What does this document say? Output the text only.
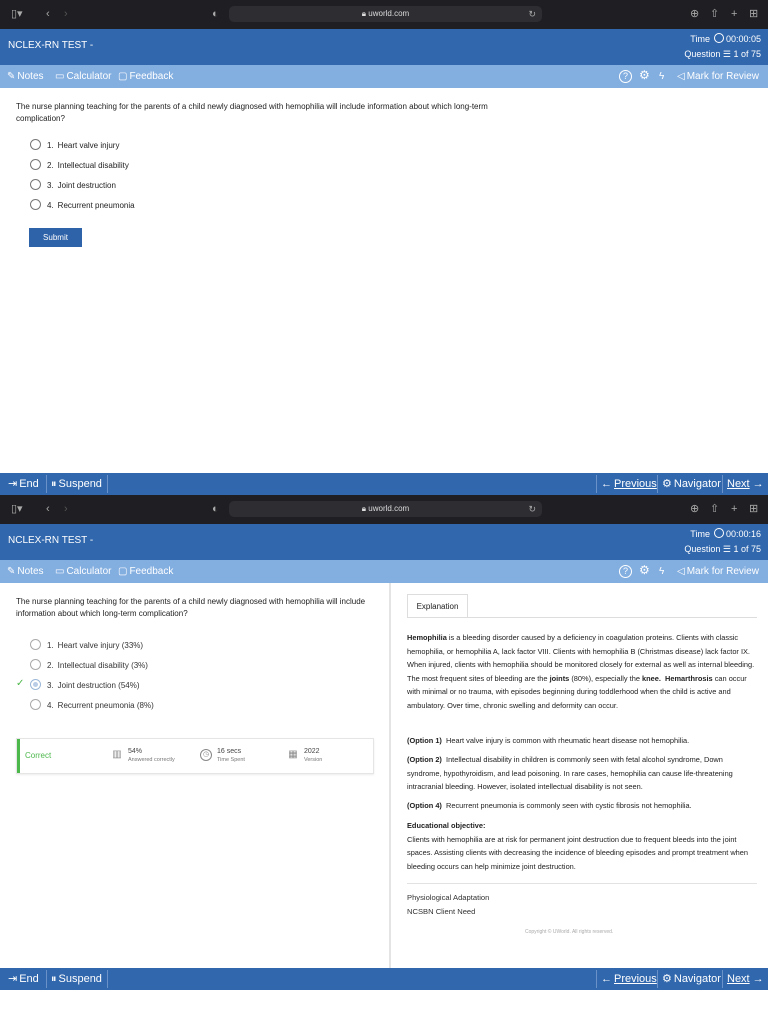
▯▾ ‹ ›	◐	🔒︎ uworld.com	↻	⊕ ⇧ + ⊞
NCLEX-RN TEST -
Time 00:00:05
Question ☰ 1 of 75
✎ Notes ▭ Calculator ▢ Feedback	? ⚙ ϟ ◁ Mark for Review
The nurse planning teaching for the parents of a child newly diagnosed with hemophilia will include information about which long-term complication?
1. Heart valve injury
2. Intellectual disability
3. Joint destruction
4. Recurrent pneumonia
Submit
⇥ End	⏸ Suspend	← Previous ⚙ Navigator Next →
▯▾ ‹ ›	◐	🔒︎ uworld.com	↻	⊕ ⇧ + ⊞
NCLEX-RN TEST -
Time 00:00:16
Question ☰ 1 of 75
✎ Notes ▭ Calculator ▢ Feedback	? ⚙ ϟ ◁ Mark for Review
The nurse planning teaching for the parents of a child newly diagnosed with hemophilia will include information about which long-term complication?
1. Heart valve injury (33%)
2. Intellectual disability (3%)
✓	3. Joint destruction (54%)
4. Recurrent pneumonia (8%)
Correct	▥ 54%
Answered correctly
◷	16 secs
Time Spent	▦ 2022
Version
Explanation
Hemophilia is a bleeding disorder caused by a deficiency in coagulation proteins. Clients with classic hemophilia, or hemophilia A, lack factor VIII. Clients with hemophilia B (Christmas disease) lack factor IX. When injured, clients with hemophilia should be monitored closely for external as well as internal bleeding. The most frequent sites of bleeding are the joints (80%), especially the knee. Hemarthrosis can occur with minimal or no trauma, with episodes beginning during toddlerhood when the child is active and ambulatory. Over time, chronic swelling and deformity can occur.
(Option 1) Heart valve injury is common with rheumatic heart disease not hemophilia.
(Option 2) Intellectual disability in children is commonly seen with fetal alcohol syndrome, Down syndrome, hypothyroidism, and lead poisoning. In rare cases, hemophilia can cause life-threatening intracranial bleeding. However, isolated intellectual disability is not seen.
(Option 4) Recurrent pneumonia is commonly seen with cystic fibrosis not hemophilia.
Educational objective:
Clients with hemophilia are at risk for permanent joint destruction due to frequent bleeds into the joint spaces. Assisting clients with decreasing the incidence of bleeding episodes and prompt treatment when bleeding occurs can help minimize joint destruction.
Physiological Adaptation
NCSBN Client Need
Copyright © UWorld. All rights reserved.
⇥ End	⏸ Suspend	← Previous ⚙ Navigator Next →
